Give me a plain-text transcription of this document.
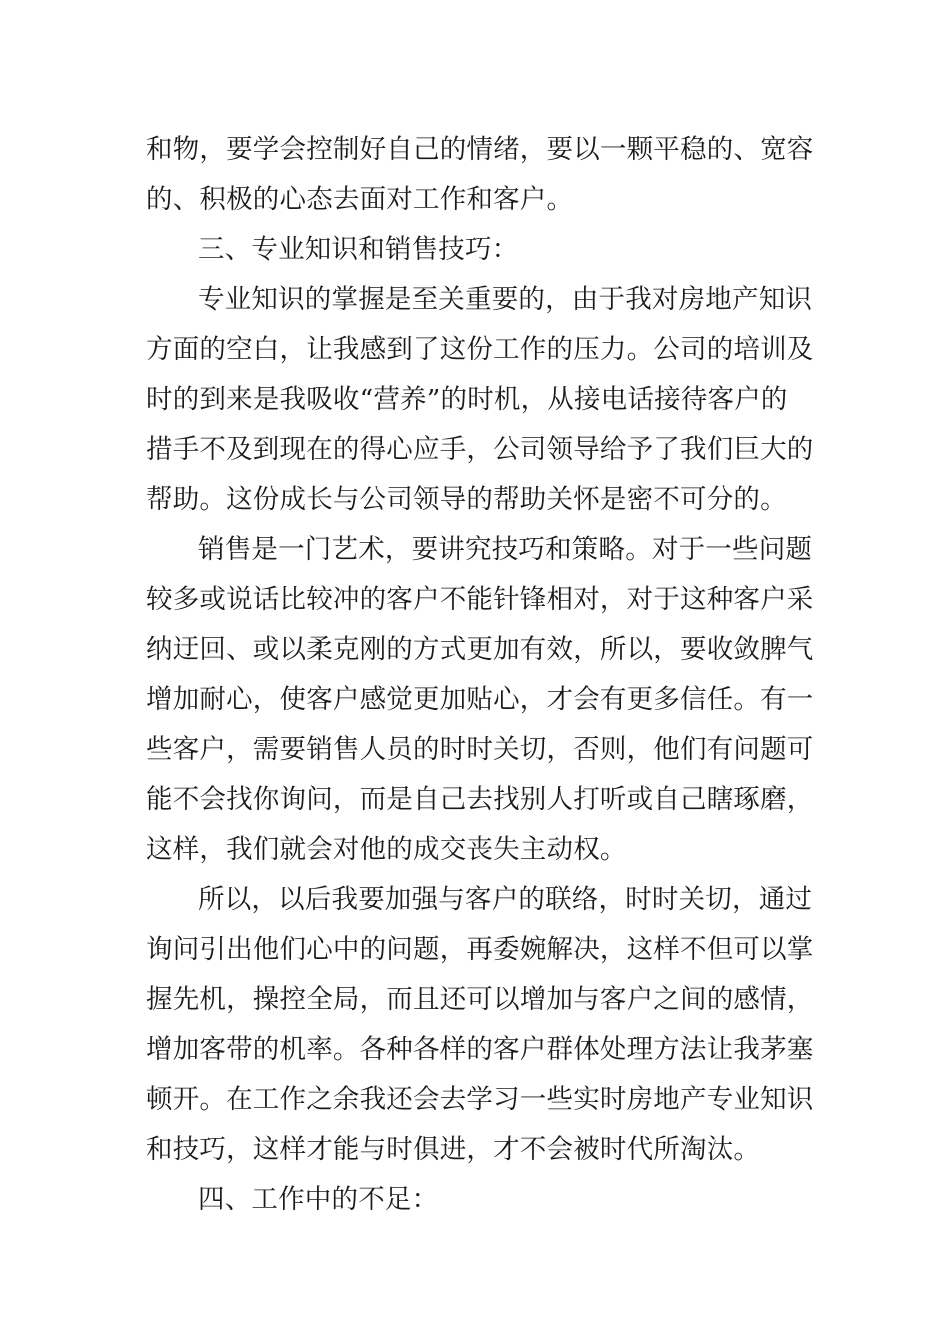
和物，要学会控制好自己的情绪，要以一颗平稳的、宽容
的、积极的心态去面对工作和客户。
三、专业知识和销售技巧：
专业知识的掌握是至关重要的，由于我对房地产知识
方面的空白，让我感到了这份工作的压力。公司的培训及
时的到来是我吸收“营养”的时机，从接电话接待客户的
措手不及到现在的得心应手，公司领导给予了我们巨大的
帮助。这份成长与公司领导的帮助关怀是密不可分的。
销售是一门艺术，要讲究技巧和策略。对于一些问题
较多或说话比较冲的客户不能针锋相对，对于这种客户采
纳迂回、或以柔克刚的方式更加有效，所以，要收敛脾气
增加耐心，使客户感觉更加贴心，才会有更多信任。有一
些客户，需要销售人员的时时关切，否则，他们有问题可
能不会找你询问，而是自己去找别人打听或自己瞎琢磨，
这样，我们就会对他的成交丧失主动权。
所以，以后我要加强与客户的联络，时时关切，通过
询问引出他们心中的问题，再委婉解决，这样不但可以掌
握先机，操控全局，而且还可以增加与客户之间的感情，
增加客带的机率。各种各样的客户群体处理方法让我茅塞
顿开。在工作之余我还会去学习一些实时房地产专业知识
和技巧，这样才能与时俱进，才不会被时代所淘汰。
四、工作中的不足：
